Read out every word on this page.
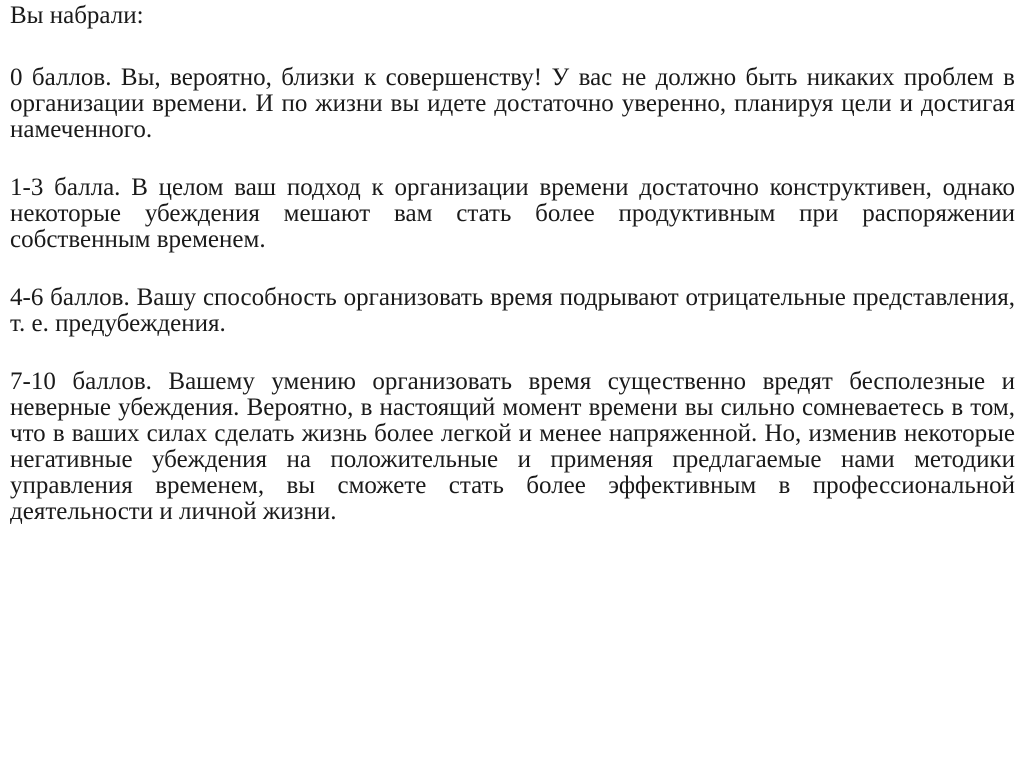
Вы набрали:

0 баллов. Вы, вероятно, близки к совершенству! У вас не должно быть никаких проблем в организации времени. И по жизни вы идете достаточно уверенно, планируя цели и достигая намеченного.

1-3 балла. В целом ваш подход к организации времени достаточно конструктивен, однако некоторые убеждения мешают вам стать более продуктивным при распоряжении собственным временем.

4-6 баллов. Вашу способность организовать время подрывают отрицательные представления, т. е. предубеждения.

7-10 баллов. Вашему умению организовать время существенно вредят бесполезные и неверные убеждения. Вероятно, в настоящий момент времени вы сильно сомневаетесь в том, что в ваших силах сделать жизнь более легкой и менее напряженной. Но, изменив некоторые негативные убеждения на положительные и применяя предлагаемые нами методики управления временем, вы сможете стать более эффективным в профессиональной деятельности и личной жизни.
